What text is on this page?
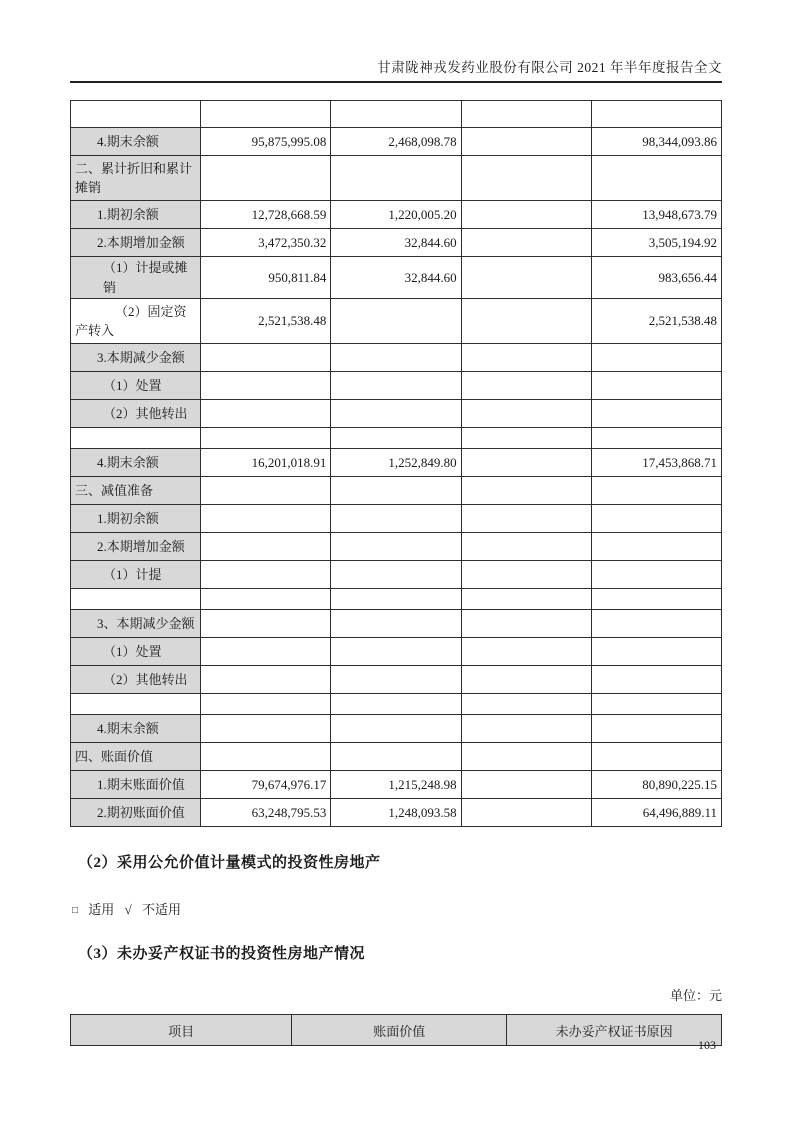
甘肃陇神戎发药业股份有限公司 2021 年半年度报告全文

4.期末余额	95,875,995.08	2,468,098.78		98,344,093.86
二、累计折旧和累计摊销				
1.期初余额	12,728,668.59	1,220,005.20		13,948,673.79
2.本期增加金额	3,472,350.32	32,844.60		3,505,194.92
（1）计提或摊销	950,811.84	32,844.60		983,656.44
（2）固定资产转入	2,521,538.48			2,521,538.48
3.本期减少金额				
（1）处置				
（2）其他转出				

4.期末余额	16,201,018.91	1,252,849.80		17,453,868.71
三、减值准备				
1.期初余额				
2.本期增加金额				
（1）计提				

3、本期减少金额				
（1）处置				
（2）其他转出				

4.期末余额				
四、账面价值				
1.期末账面价值	79,674,976.17	1,215,248.98		80,890,225.15
2.期初账面价值	63,248,795.53	1,248,093.58		64,496,889.11
（2）采用公允价值计量模式的投资性房地产
□ 适用 √ 不适用
（3）未办妥产权证书的投资性房地产情况
单位：元
项目	账面价值	未办妥产权证书原因
103
